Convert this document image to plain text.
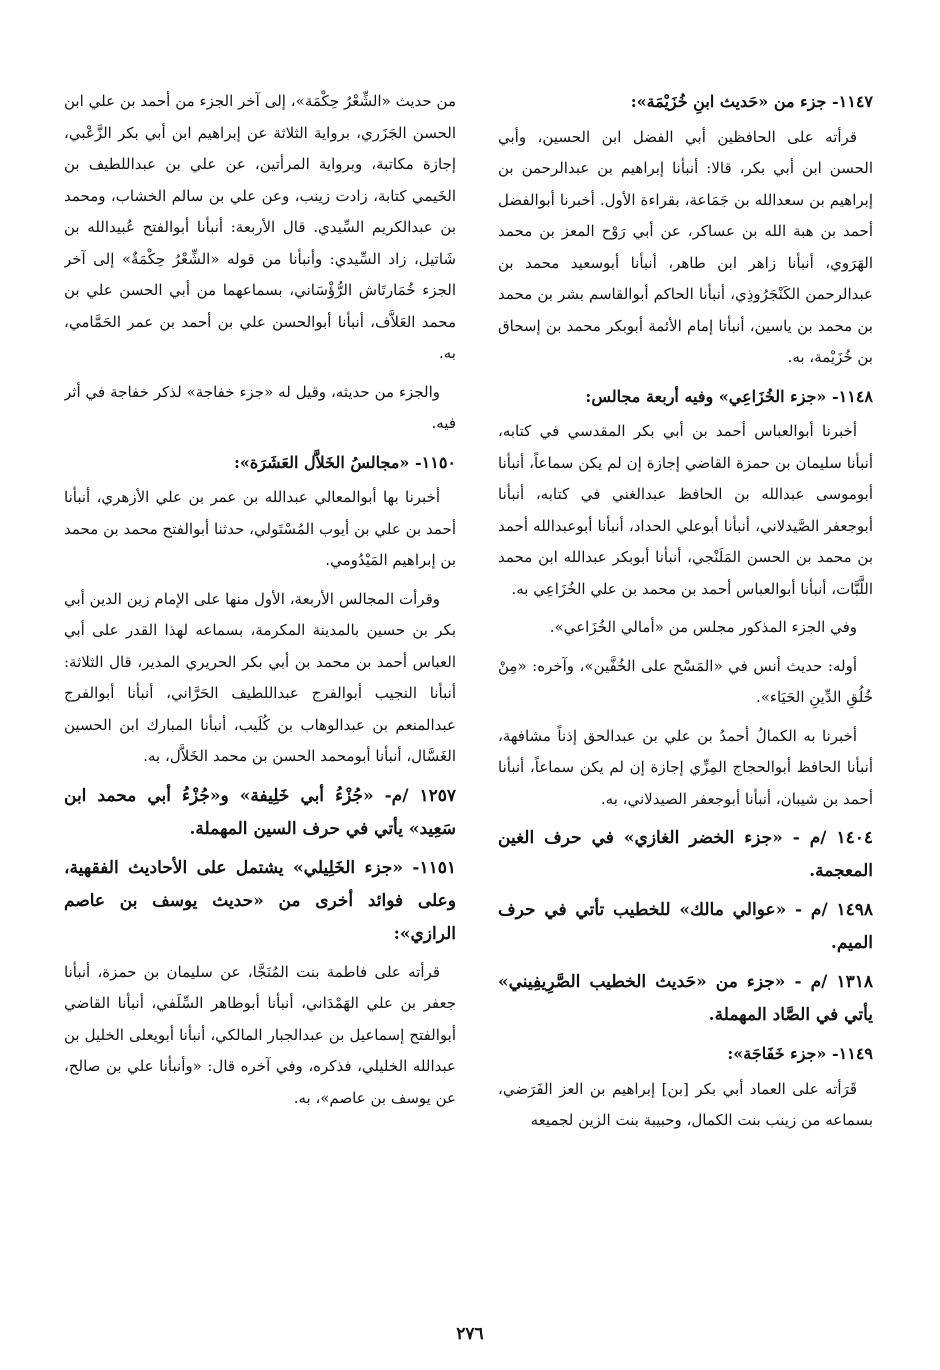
١١٤٧- جزء من «حَديث ابنِ خُزَيْمَة»:
قرأته على الحافظين أبي الفضل ابن الحسين، وأبي الحسن ابن أبي بكر، قالا: أنبأنا إبراهيم بن عبدالرحمن بن إبراهيم بن سعدالله بن جَمَاعة، بقراءة الأول. أخبرنا أبوالفضل أحمد بن هبة الله بن عساكر، عن أبي رَوْح المعز بن محمد الهَرَوي، أنبأنا زاهر ابن طاهر، أنبأنا أبوسعيد محمد بن عبدالرحمن الكَنْجَرُوذِي، أنبأنا الحاكم أبوالقاسم بشر بن محمد بن محمد بن ياسين، أنبأنا إمام الأئمة أبوبكر محمد بن إسحاق بن خُزَيْمة، به.
١١٤٨- «جزء الخُزَاعِي» وفيه أربعة مجالس:
أخبرنا أبوالعباس أحمد بن أبي بكر المقدسي في كتابه، أنبأنا سليمان بن حمزة القاضي إجازة إن لم يكن سماعاً، أنبأنا أبوموسى عبدالله بن الحافظ عبدالغني في كتابه، أنبأنا أبوجعفر الصَّيدلاني، أنبأنا أبوعلي الحداد، أنبأنا أبوعبدالله أحمد بن محمد بن الحسن المَلَنْجي، أنبأنا أبوبكر عبدالله ابن محمد اللَّبَّات، أنبأنا أبوالعباس أحمد بن محمد بن علي الخُزَاعِي به.
وفي الجزء المذكور مجلس من «أمالي الخُزَاعي».
أوله: حديث أنس في «المَسْح على الخُفَّين»، وآخره: «مِنْ خُلُقِ الدِّينِ الحَيَاء».
أخبرنا به الكمالُ أحمدُ بن علي بن عبدالحق إذناً مشافهة، أنبأنا الحافظ أبوالحجاج المِزِّي إجازة إن لم يكن سماعاً، أنبأنا أحمد بن شيبان، أنبأنا أبوجعفر الصيدلاني، به.
١٤٠٤ /م - «جزء الخضر الغازي» في حرف الغين المعجمة.
١٤٩٨ /م - «عوالي مالك» للخطيب تأتي في حرف الميم.
١٣١٨ /م - «جزء من «حَديث الخطيب الصَّرِيفِيني» يأتي في الصَّاد المهملة.
١١٤٩- «جزء خَفَاجَة»:
قَرَأته على العماد أبي بكر [بن] إبراهيم بن العز الفَرَضي، بسماعه من زينب بنت الكمال، وحبيبة بنت الزين لجميعه
من حديث «الشِّعْرُ حِكْمَة»، إلى آخر الجزء من أحمد بن علي ابن الحسن الجَزَري، برواية الثلاثة عن إبراهيم ابن أبي بكر الزَّعْبي، إجازة مكاتبة، وبرواية المرأتين، عن علي بن عبداللطيف بن الخَيمي كتابة، زادت زينب، وعن علي بن سالم الخشاب، ومحمد بن عبدالكريم السِّيدي. قال الأربعة: أنبأنا أبوالفتح عُبيدالله بن شَاتيل، زاد السِّيدي: وأنبأنا من قوله «الشِّعْرُ حِكْمَةٌ» إلى آخر الجزء خُمَارتَاش الرُّؤْسَاني، بسماعهما من أبي الحسن علي بن محمد العَلاَّف، أنبأنا أبوالحسن علي بن أحمد بن عمر الحَمَّامي، به.
والجزء من حديثه، وقيل له «جزء خفاجة» لذكر خفاجة في أثر فيه.
١١٥٠- «مجالسُ الخَلاَّل العَشَرَة»:
أخبرنا بها أبوالمعالي عبدالله بن عمر بن علي الأزهري، أنبأنا أحمد بن علي بن أيوب المُسْتَولي، حدثنا أبوالفتح محمد بن محمد بن إبراهيم المَيْدُومي.
وقرأت المجالس الأربعة، الأول منها على الإمام زين الدين أبي بكر بن حسين بالمدينة المكرمة، بسماعه لهذا القدر على أبي العباس أحمد بن محمد بن أبي بكر الحريري المدير، قال الثلاثة: أنبأنا النجيب أبوالفرج عبداللطيف الحَرَّاني، أنبأنا أبوالفرج عبدالمنعم بن عبدالوهاب بن كُلَيب، أنبأنا المبارك ابن الحسين الغَسَّال، أنبأنا أبومحمد الحسن بن محمد الخَلاَّل، به.
١٢٥٧ /م- «جُزْءُ أبي خَلِيفة» و«جُزْءُ أبي محمد ابن سَعِيد» يأتي في حرف السين المهملة.
١١٥١- «جزء الخَلِيلي» يشتمل على الأحاديث الفقهية، وعلى فوائد أخرى من «حديث يوسف بن عاصم الرازي»:
قرأته على فاطمة بنت المُنَجَّا، عن سليمان بن حمزة، أنبأنا جعفر بن علي الهَمْدَاني، أنبأنا أبوطاهر السِّلَفي، أنبأنا القاضي أبوالفتح إسماعيل بن عبدالجبار المالكي، أنبأنا أبويعلى الخليل بن عبدالله الخليلي، فذكره، وفي آخره قال: «وأنبأنا علي بن صالح، عن يوسف بن عاصم»، به.
٢٧٦
